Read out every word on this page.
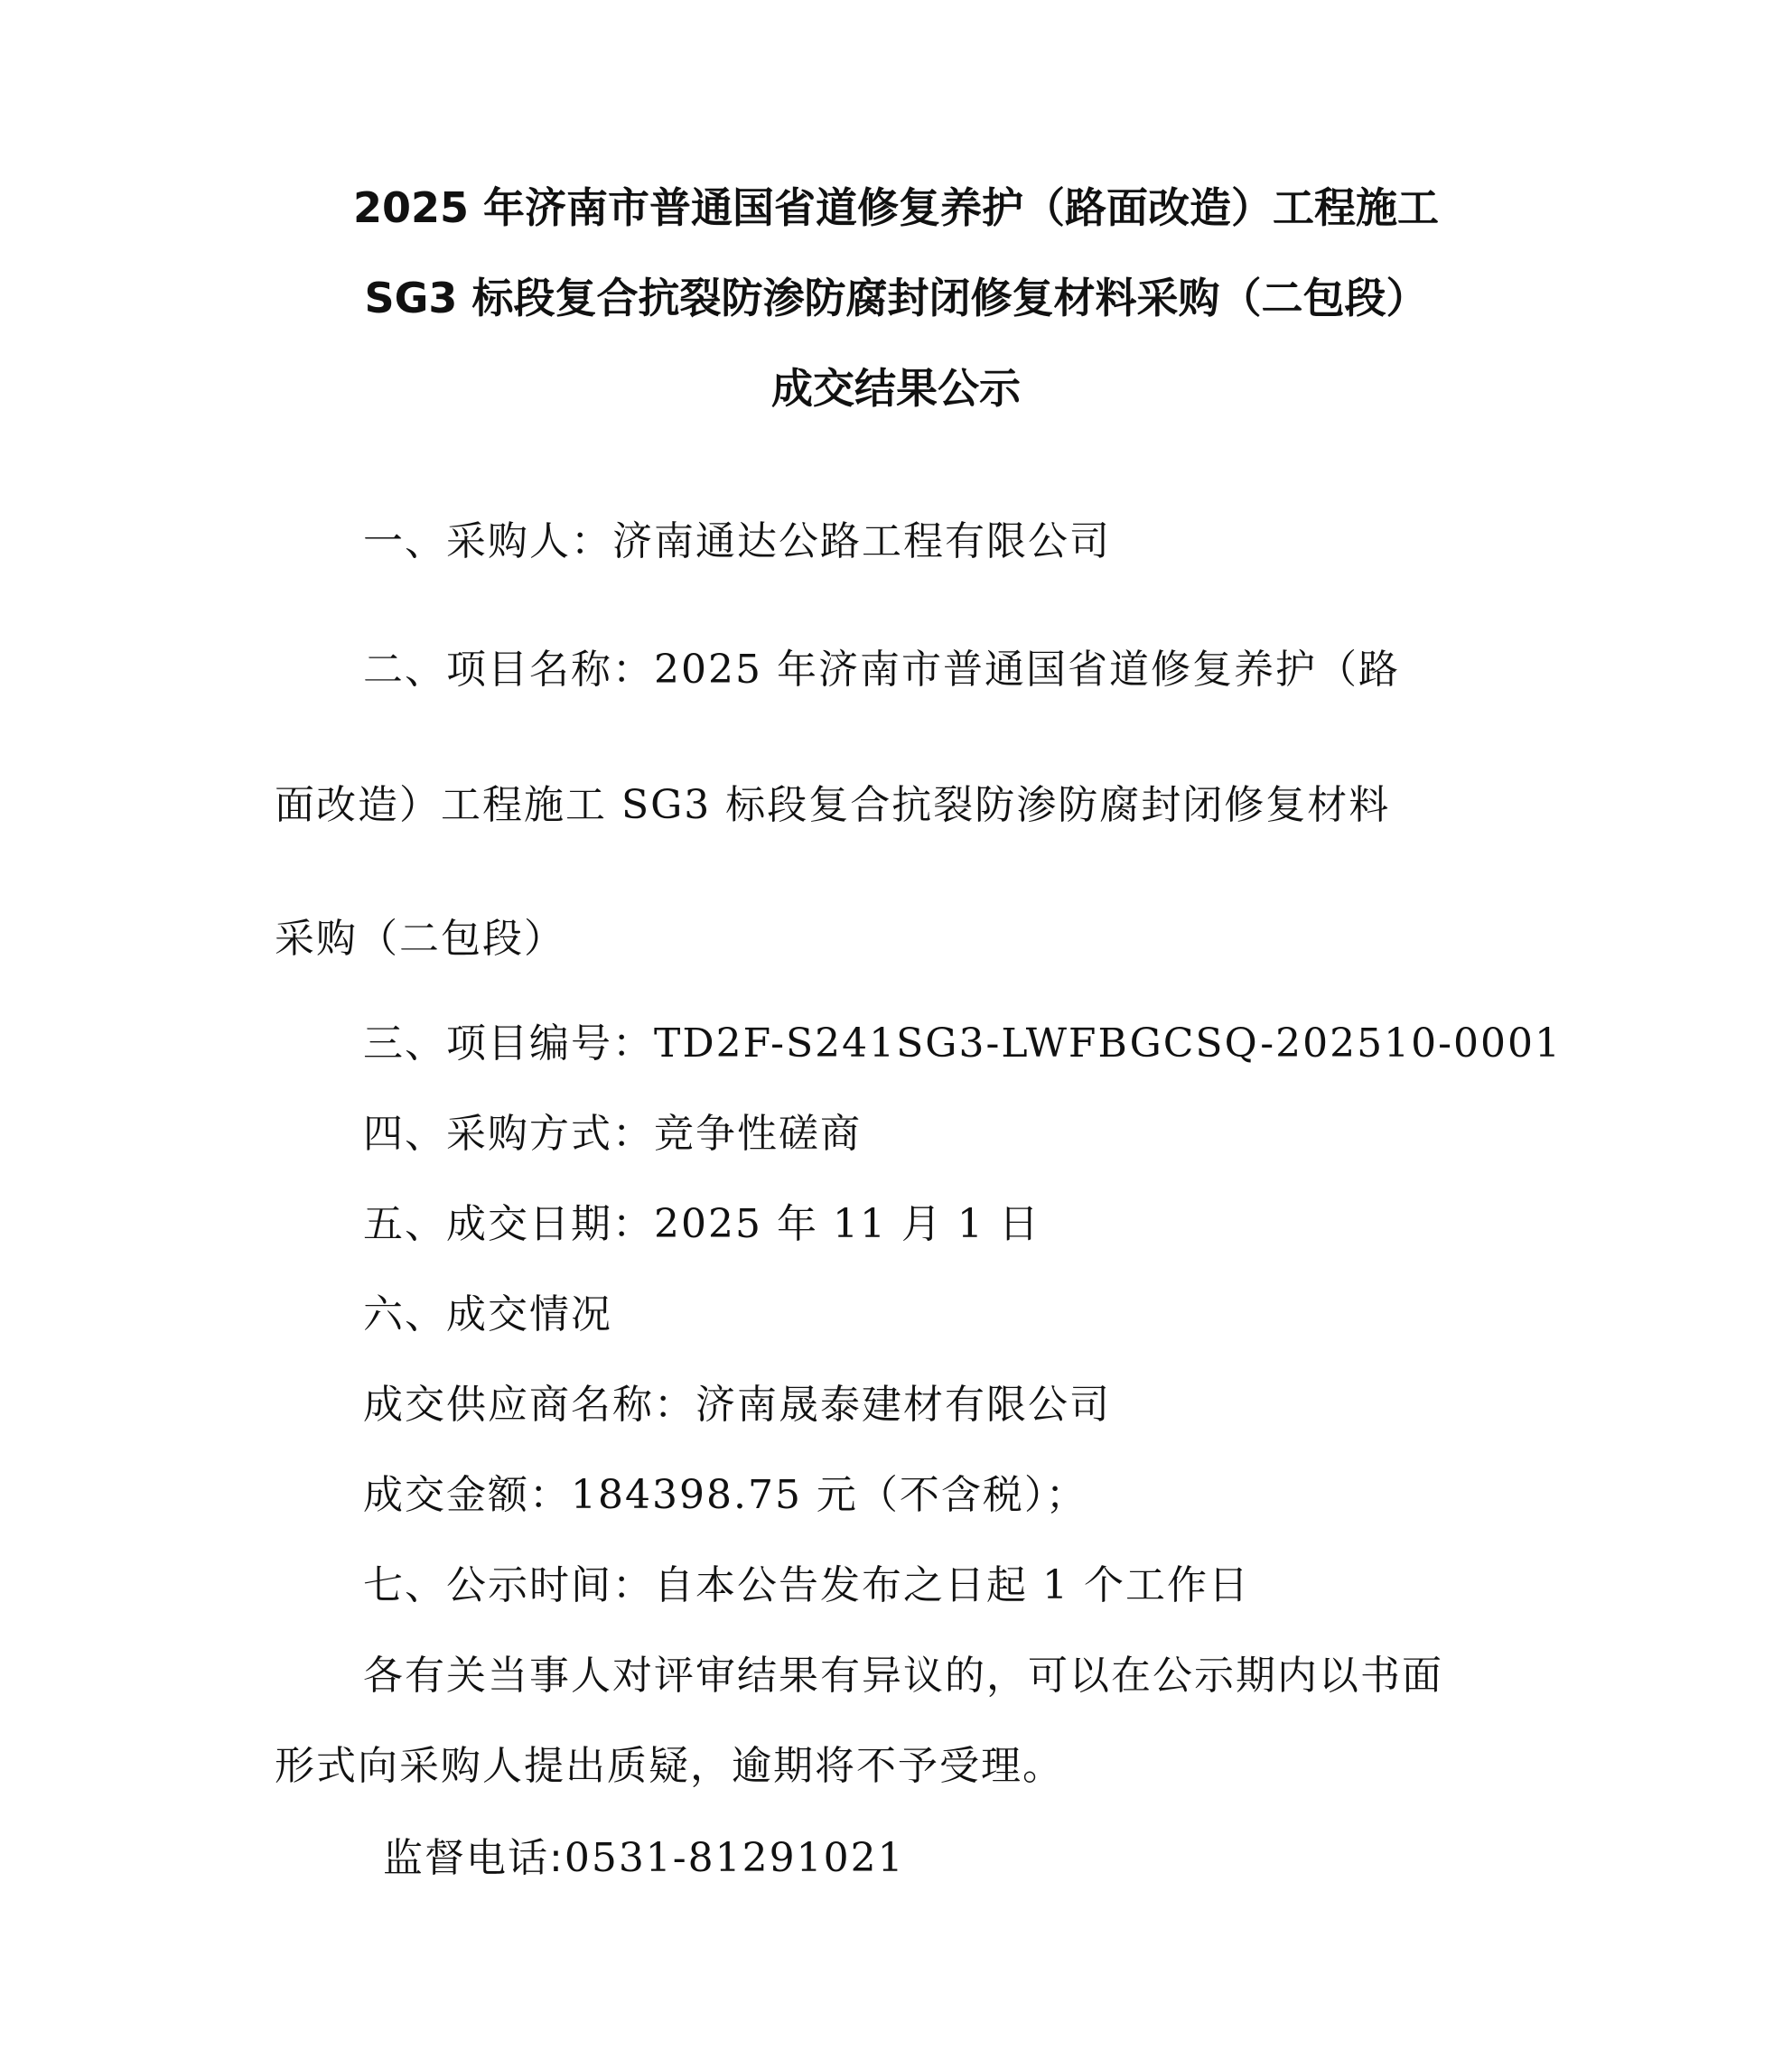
2025 年济南市普通国省道修复养护（路面改造）工程施工
SG3 标段复合抗裂防渗防腐封闭修复材料采购（二包段）
成交结果公示
一、采购人：济南通达公路工程有限公司
二、项目名称：2025 年济南市普通国省道修复养护（路
面改造）工程施工 SG3 标段复合抗裂防渗防腐封闭修复材料
采购（二包段）
三、项目编号：TD2F-S241SG3-LWFBGCSQ-202510-0001
四、采购方式：竞争性磋商
五、成交日期：2025 年 11 月 1 日
六、成交情况
成交供应商名称：济南晟泰建材有限公司
成交金额：184398.75 元（不含税）；
七、公示时间：自本公告发布之日起 1 个工作日
各有关当事人对评审结果有异议的，可以在公示期内以书面
形式向采购人提出质疑，逾期将不予受理。
监督电话:0531-81291021
